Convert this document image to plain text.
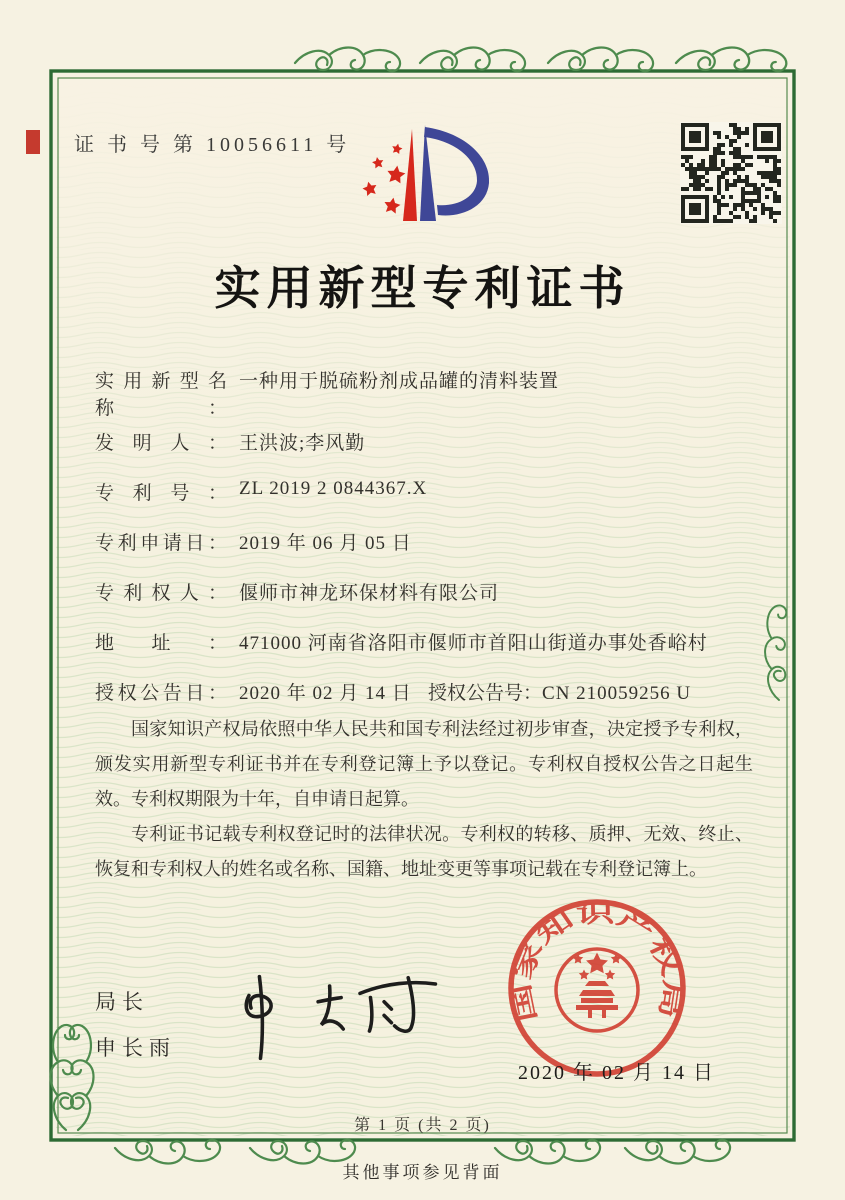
证 书 号 第 10056611 号
实用新型专利证书
实用新型名称：一种用于脱硫粉剂成品罐的清料装置
发明人： 王洪波;李风勤
专利号： ZL 2019 2 0844367.X
专利申请日： 2019 年 06 月 05 日
专利权人： 偃师市神龙环保材料有限公司
地址： 471000 河南省洛阳市偃师市首阳山街道办事处香峪村
授权公告日： 2020 年 02 月 14 日 授权公告号：CN 210059256 U

国家知识产权局依照中华人民共和国专利法经过初步审查，决定授予专利权，颁发实用新型专利证书并在专利登记簿上予以登记。专利权自授权公告之日起生效。专利权期限为十年，自申请日起算。

专利证书记载专利权登记时的法律状况。专利权的转移、质押、无效、终止、恢复和专利权人的姓名或名称、国籍、地址变更等事项记载在专利登记簿上。

局长
申长雨
国家知识产权局
2020 年 02 月 14 日
第 1 页 (共 2 页)
其他事项参见背面
